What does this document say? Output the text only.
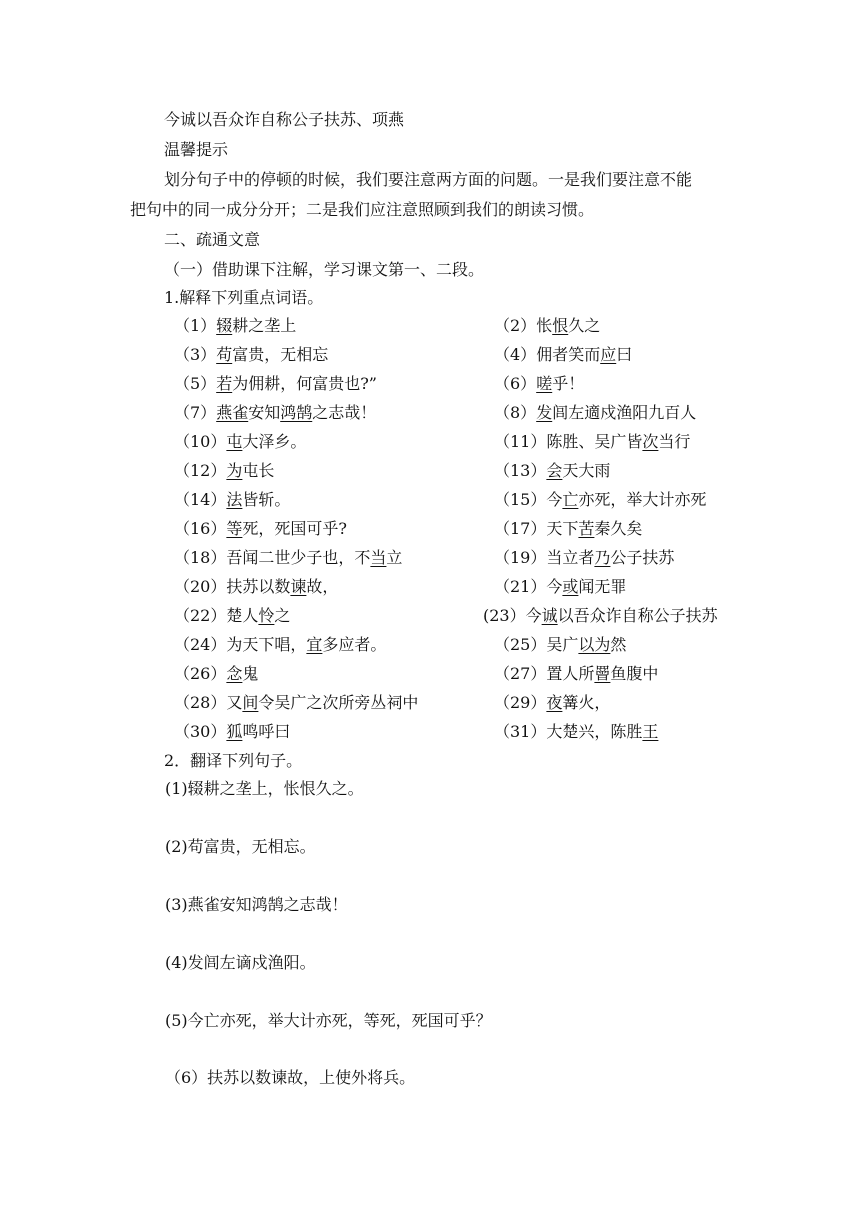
今诚以吾众诈自称公子扶苏、项燕
温馨提示
划分句子中的停顿的时候，我们要注意两方面的问题。一是我们要注意不能
把句中的同一成分分开；二是我们应注意照顾到我们的朗读习惯。
二、疏通文意
（一）借助课下注解，学习课文第一、二段。
1.解释下列重点词语。
（1）辍耕之垄上	（2）怅恨久之
（3）苟富贵，无相忘	（4）佣者笑而应曰
（5）若为佣耕，何富贵也?”	（6）嗟乎！
（7）燕雀安知鸿鹄之志哉！	（8）发闾左適戍渔阳九百人
（10）屯大泽乡。	（11）陈胜、吴广皆次当行
（12）为屯长	（13）会天大雨
（14）法皆斩。	（15）今亡亦死，举大计亦死
（16）等死，死国可乎?	（17）天下苦秦久矣
（18）吾闻二世少子也，不当立	（19）当立者乃公子扶苏
（20）扶苏以数谏故，	（21）今或闻无罪
（22）楚人怜之	(23）今诚以吾众诈自称公子扶苏
（24）为天下唱，宜多应者。	（25）吴广以为然
（26）念鬼	（27）置人所罾鱼腹中
（28）又间令吴广之次所旁丛祠中	（29）夜篝火，
（30）狐鸣呼曰	（31）大楚兴，陈胜王
2．翻译下列句子。
(1)辍耕之垄上，怅恨久之。
(2)苟富贵，无相忘。
(3)燕雀安知鸿鹄之志哉！
(4)发闾左谪戍渔阳。
(5)今亡亦死，举大计亦死，等死，死国可乎？
（6）扶苏以数谏故，上使外将兵。
